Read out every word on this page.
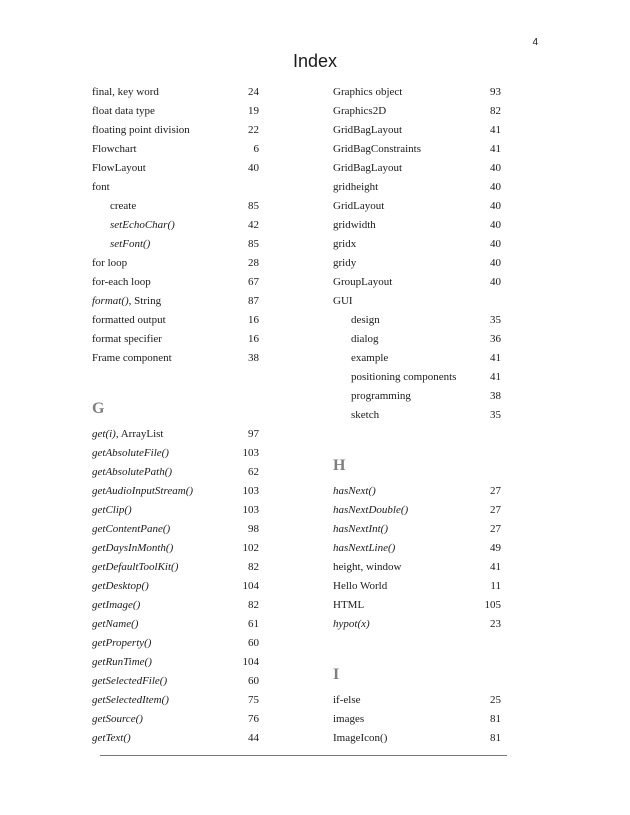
4
Index
final, key word	24
float data type	19
floating point division	22
Flowchart	6
FlowLayout	40
font
create	85
setEchoChar()	42
setFont()	85
for loop	28
for-each loop	67
format(), String	87
formatted output	16
format specifier	16
Frame component	38
G
get(i), ArrayList	97
getAbsoluteFile()	103
getAbsolutePath()	62
getAudioInputStream()	103
getClip()	103
getContentPane()	98
getDaysInMonth()	102
getDefaultToolKit()	82
getDesktop()	104
getImage()	82
getName()	61
getProperty()	60
getRunTime()	104
getSelectedFile()	60
getSelectedItem()	75
getSource()	76
getText()	44
Graphics object	93
Graphics2D	82
GridBagLayout	41
GridBagConstraints	41
GridBagLayout	40
gridheight	40
GridLayout	40
gridwidth	40
gridx	40
gridy	40
GroupLayout	40
GUI
design	35
dialog	36
example	41
positioning components	41
programming	38
sketch	35
H
hasNext()	27
hasNextDouble()	27
hasNextInt()	27
hasNextLine()	49
height, window	41
Hello World	11
HTML	105
hypot(x)	23
I
if-else	25
images	81
ImageIcon()	81
